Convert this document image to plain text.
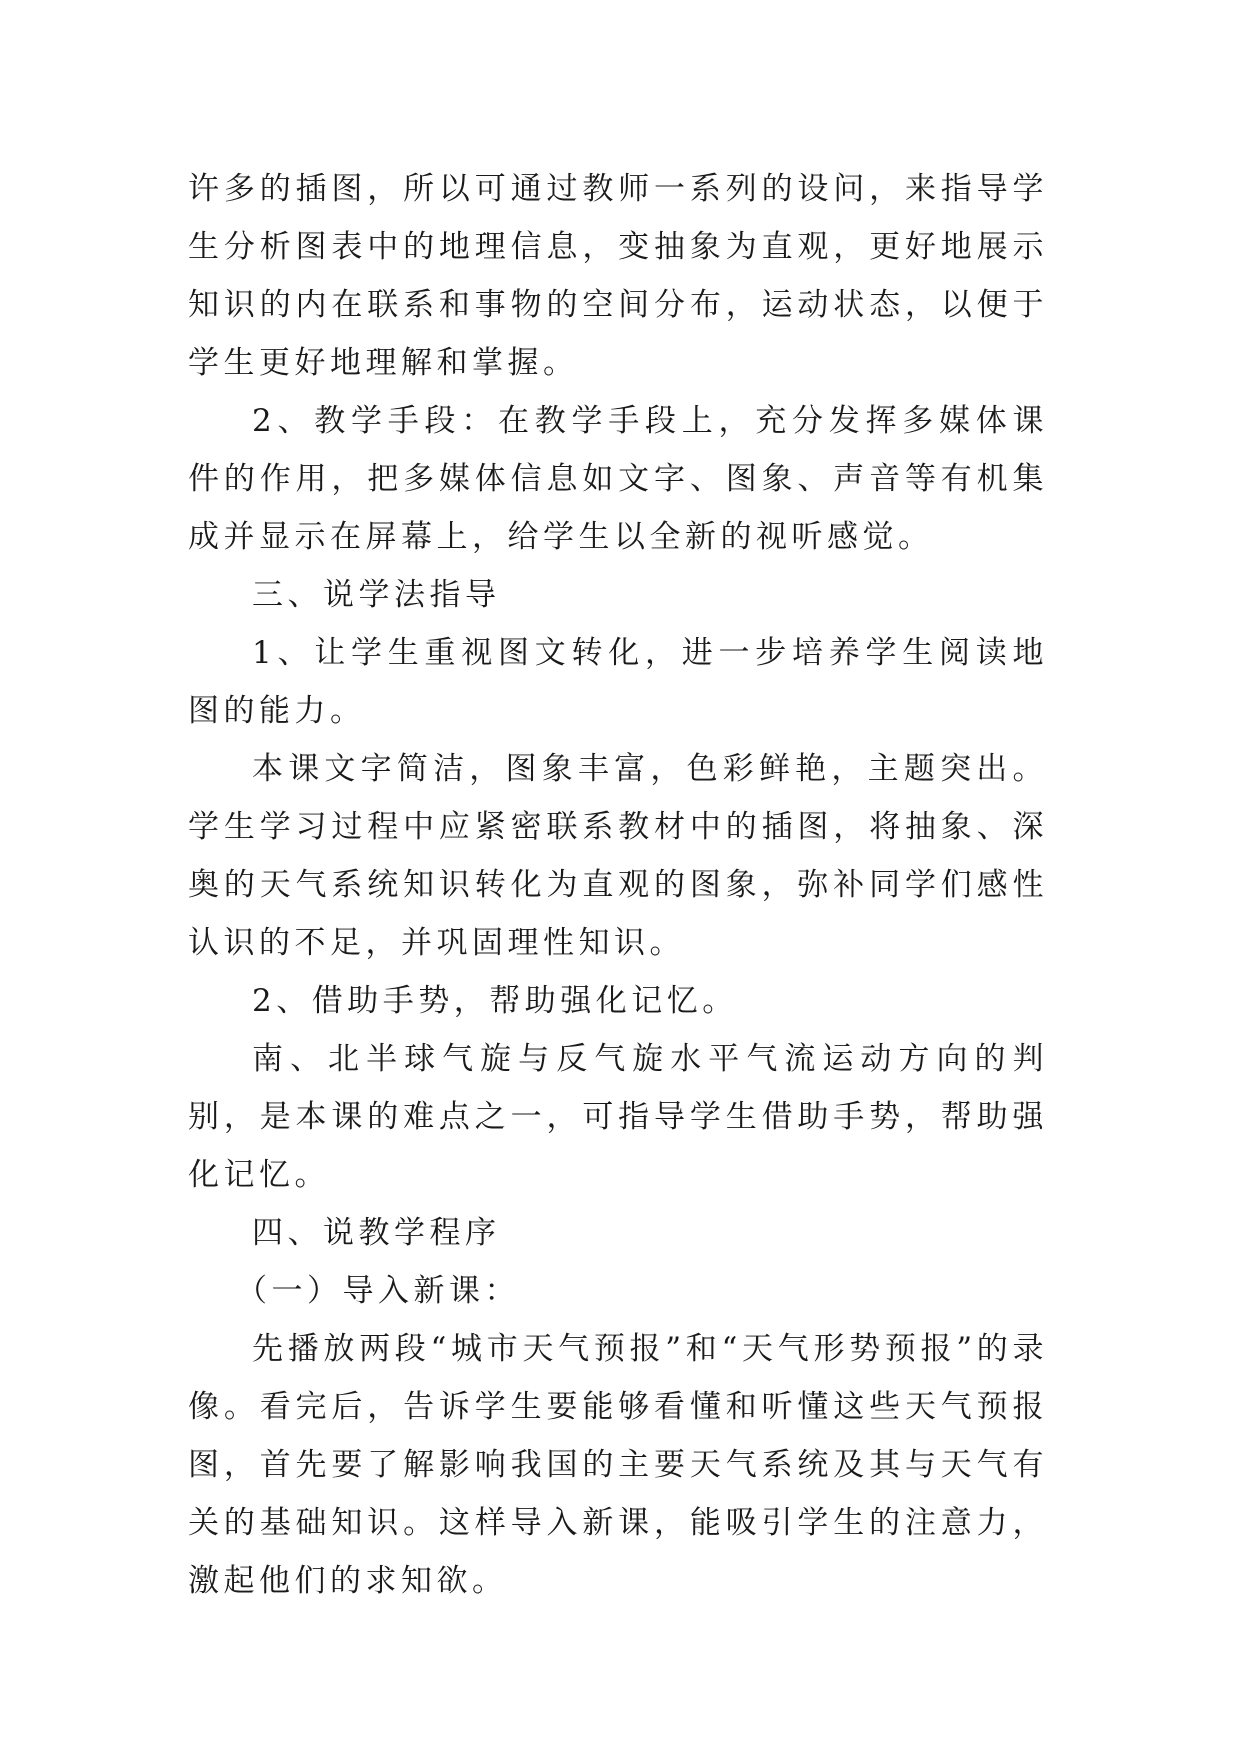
许多的插图，所以可通过教师一系列的设问，来指导学生分析图表中的地理信息，变抽象为直观，更好地展示知识的内在联系和事物的空间分布，运动状态，以便于学生更好地理解和掌握。

2、教学手段：在教学手段上，充分发挥多媒体课件的作用，把多媒体信息如文字、图象、声音等有机集成并显示在屏幕上，给学生以全新的视听感觉。

三、说学法指导

1、让学生重视图文转化，进一步培养学生阅读地图的能力。

本课文字简洁，图象丰富，色彩鲜艳，主题突出。学生学习过程中应紧密联系教材中的插图，将抽象、深奥的天气系统知识转化为直观的图象，弥补同学们感性认识的不足，并巩固理性知识。

2、借助手势，帮助强化记忆。

南、北半球气旋与反气旋水平气流运动方向的判别，是本课的难点之一，可指导学生借助手势，帮助强化记忆。

四、说教学程序

（一）导入新课：

先播放两段“城市天气预报”和“天气形势预报”的录像。看完后，告诉学生要能够看懂和听懂这些天气预报图，首先要了解影响我国的主要天气系统及其与天气有关的基础知识。这样导入新课，能吸引学生的注意力，激起他们的求知欲。
